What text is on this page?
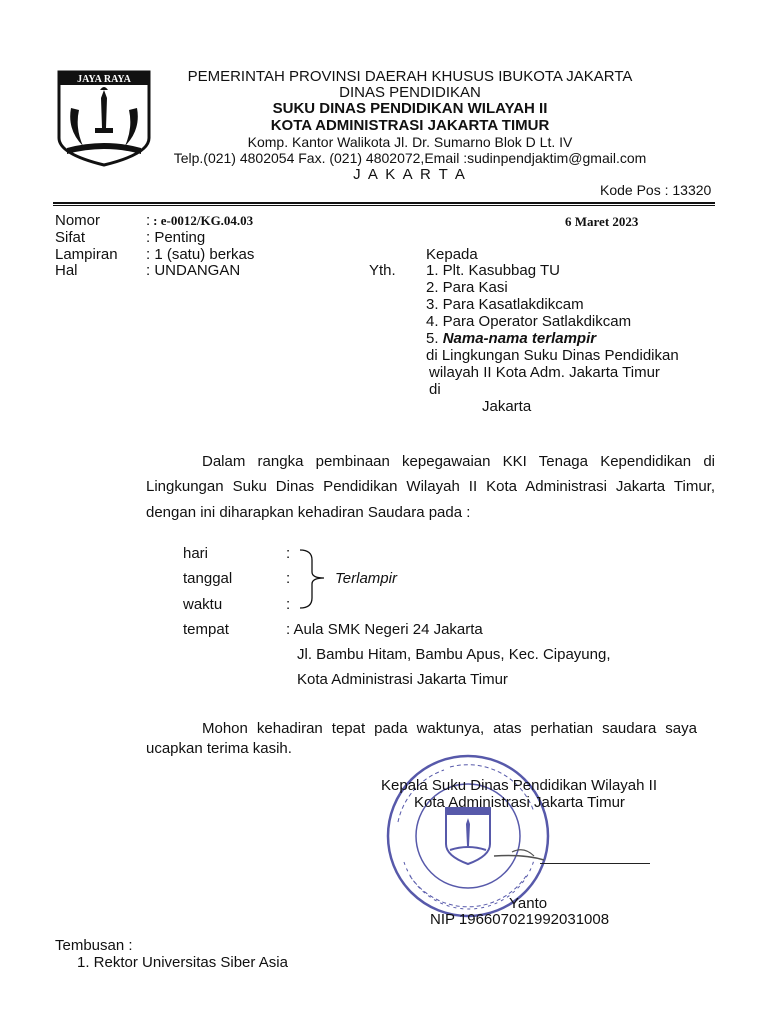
JAYA RAYA	PEMERINTAH PROVINSI DAERAH KHUSUS IBUKOTA JAKARTA
DINAS PENDIDIKAN
SUKU DINAS PENDIDIKAN WILAYAH II
KOTA ADMINISTRASI JAKARTA TIMUR
Komp. Kantor Walikota Jl. Dr. Sumarno Blok D Lt. IV
Telp.(021) 4802054 Fax. (021) 4802072,Email :sudinpendjaktim@gmail.com
J A K A R T A
Kode Pos : 13320
Nomor	: : e-0012/KG.04.03	6 Maret 2023
Sifat	: Penting
Lampiran : 1 (satu) berkas
Hal	: UNDANGAN
Kepada
Yth. 1. Plt. Kasubbag TU
2. Para Kasi
3. Para Kasatlakdikcam
4. Para Operator Satlakdikcam
5. Nama-nama terlampir
di Lingkungan Suku Dinas Pendidikan
wilayah II Kota Adm. Jakarta Timur
di
Jakarta
Dalam rangka pembinaan kepegawaian KKI Tenaga Kependidikan di
Lingkungan Suku Dinas Pendidikan Wilayah II Kota Administrasi Jakarta Timur,
dengan ini diharapkan kehadiran Saudara pada :
hari	:
tanggal	:
waktu	:
Terlampir
tempat	: Aula SMK Negeri 24 Jakarta
Jl. Bambu Hitam, Bambu Apus, Kec. Cipayung,
Kota Administrasi Jakarta Timur
Mohon kehadiran tepat pada waktunya, atas perhatian saudara saya
ucapkan terima kasih.
Kepala Suku Dinas Pendidikan Wilayah II
Kota Administrasi Jakarta Timur
Yanto
NIP 196607021992031008
Tembusan :
1. Rektor Universitas Siber Asia
